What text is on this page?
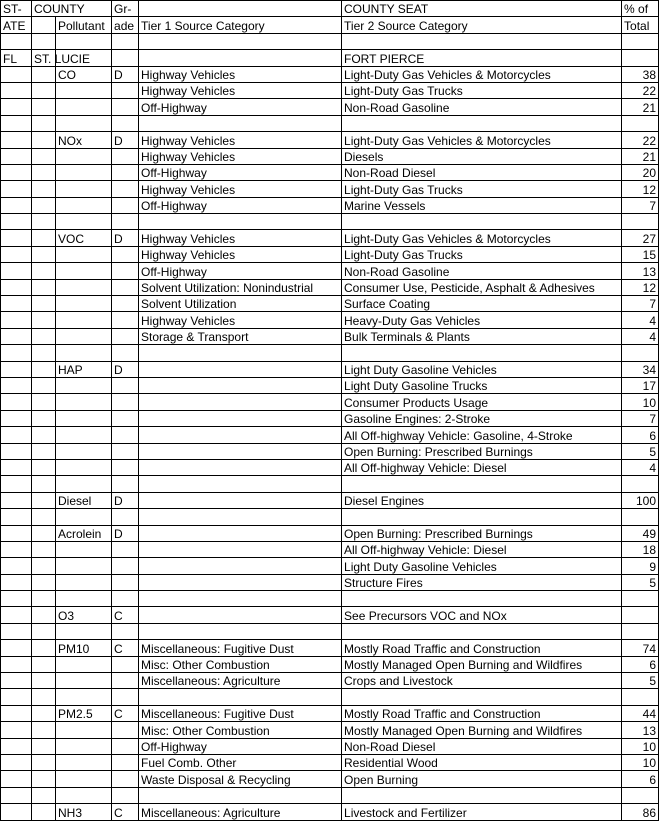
ST-	COUNTY		Gr-		COUNTY SEAT	% of
ATE		Pollutant	ade	Tier 1 Source Category	Tier 2 Source Category	Total

FL	ST. LUCIE				FORT PIERCE	
		CO	D	Highway Vehicles	Light-Duty Gas Vehicles & Motorcycles	38
				Highway Vehicles	Light-Duty Gas Trucks	22
				Off-Highway	Non-Road Gasoline	21

		NOx	D	Highway Vehicles	Light-Duty Gas Vehicles & Motorcycles	22
				Highway Vehicles	Diesels	21
				Off-Highway	Non-Road Diesel	20
				Highway Vehicles	Light-Duty Gas Trucks	12
				Off-Highway	Marine Vessels	7

		VOC	D	Highway Vehicles	Light-Duty Gas Vehicles & Motorcycles	27
				Highway Vehicles	Light-Duty Gas Trucks	15
				Off-Highway	Non-Road Gasoline	13
				Solvent Utilization: Nonindustrial	Consumer Use, Pesticide, Asphalt & Adhesives	12
				Solvent Utilization	Surface Coating	7
				Highway Vehicles	Heavy-Duty Gas Vehicles	4
				Storage & Transport	Bulk Terminals & Plants	4

		HAP	D		Light Duty Gasoline Vehicles	34
					Light Duty Gasoline Trucks	17
					Consumer Products Usage	10
					Gasoline Engines: 2-Stroke	7
					All Off-highway Vehicle: Gasoline, 4-Stroke	6
					Open Burning: Prescribed Burnings	5
					All Off-highway Vehicle: Diesel	4

		Diesel	D		Diesel Engines	100

		Acrolein	D		Open Burning: Prescribed Burnings	49
					All Off-highway Vehicle: Diesel	18
					Light Duty Gasoline Vehicles	9
					Structure Fires	5

		O3	C		See Precursors VOC and NOx	

		PM10	C	Miscellaneous: Fugitive Dust	Mostly Road Traffic and Construction	74
				Misc: Other Combustion	Mostly Managed Open Burning and Wildfires	6
				Miscellaneous: Agriculture	Crops and Livestock	5

		PM2.5	C	Miscellaneous: Fugitive Dust	Mostly Road Traffic and Construction	44
				Misc: Other Combustion	Mostly Managed Open Burning and Wildfires	13
				Off-Highway	Non-Road Diesel	10
				Fuel Comb. Other	Residential Wood	10
				Waste Disposal & Recycling	Open Burning	6

		NH3	C	Miscellaneous: Agriculture	Livestock and Fertilizer	86
